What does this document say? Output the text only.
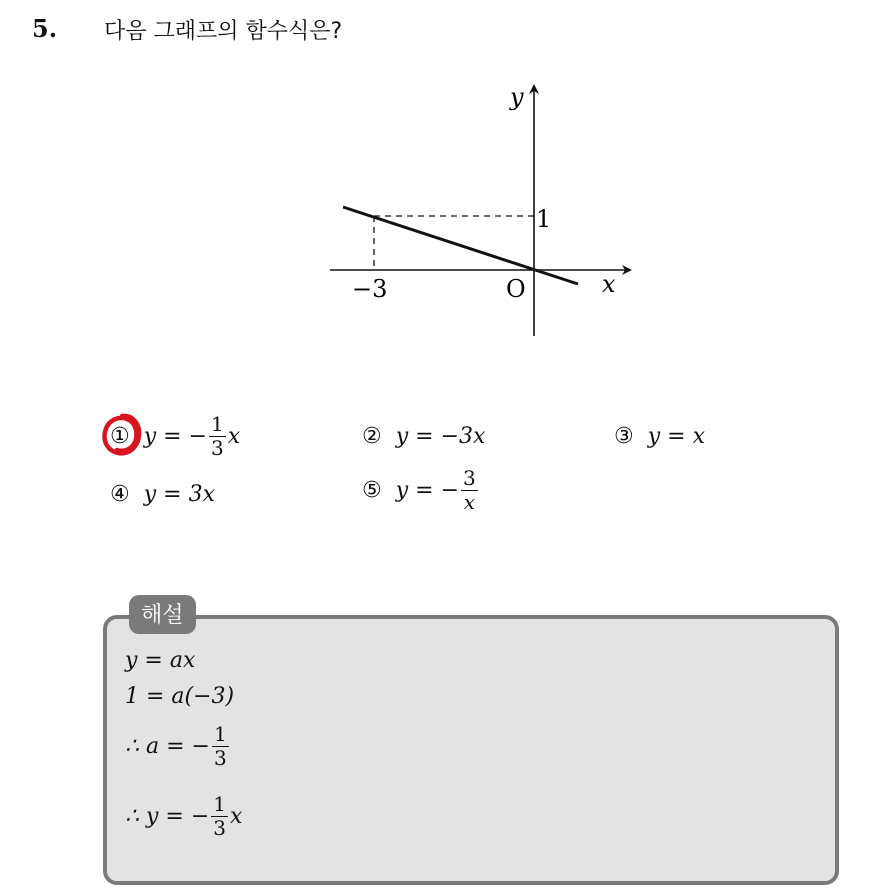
5. 다음 그래프의 함수식은?
y
x
O
−3
1
① y = − $\frac{1}{3}$ x	② y = −3x	③ y = x
④ y = 3x	⑤ y = − $\frac{3}{x}$
해설
y = ax
1 = a(−3)
∴ a = − $\frac{1}{3}$
∴ y = − $\frac{1}{3}$ x
